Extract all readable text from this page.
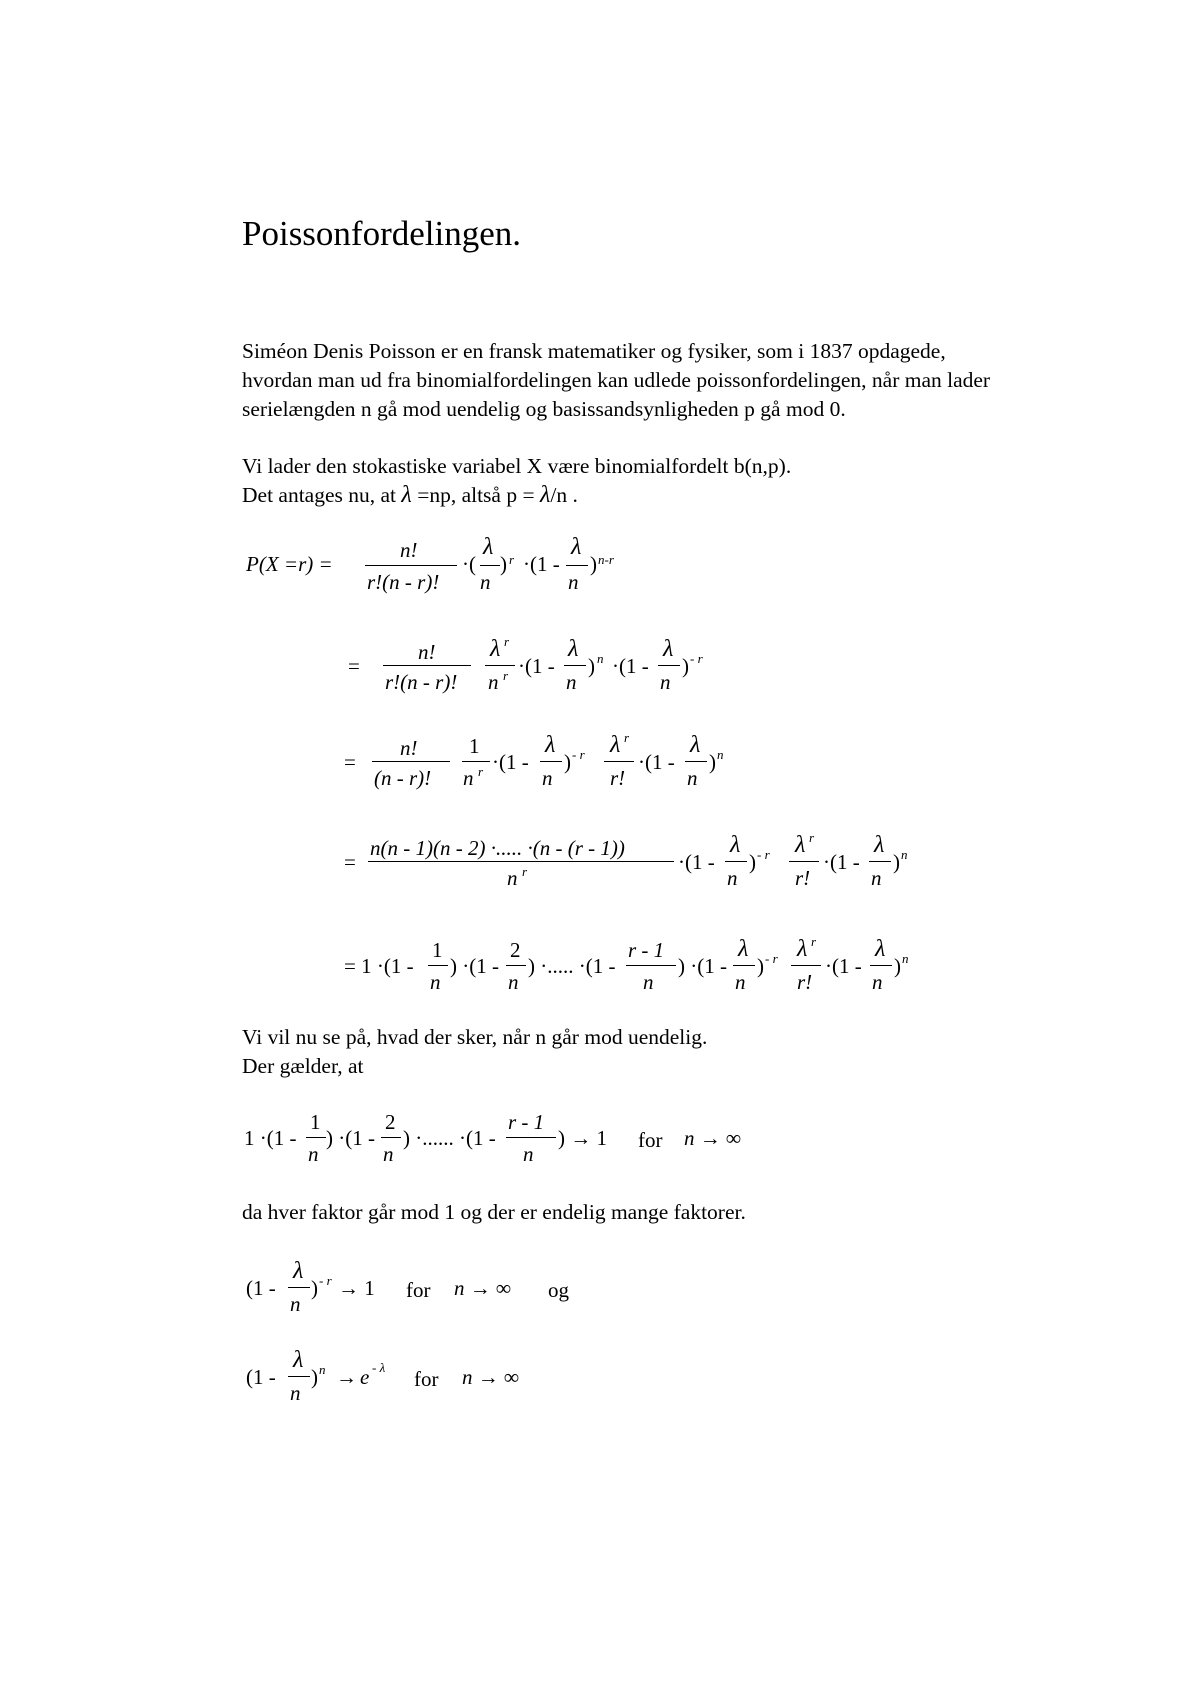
Poissonfordelingen.
Siméon Denis Poisson er en fransk matematiker og fysiker, som i 1837 opdagede,
hvordan man ud fra binomialfordelingen kan udlede poissonfordelingen, når man lader
serielængden n gå mod uendelig og basissandsynligheden p gå mod 0.
Vi lader den stokastiske variabel X være binomialfordelt b(n,p).
Det antages nu, at λ =np, altså p = λ/n .
P(X =r) =
n!
r!(n - r)!
·(
λ
n
) r ·(1 -
λ
n
) n-r
=
n!
r!(n - r)!
λ r
n r ·(1 -
λ
n
) n ·(1 -
λ
n
) - r
=
n!
(n - r)!
1
n r ·(1 -
λ
n
) - r λ r
r!
·(1 -
λ
n
) n
=
n(n - 1)(n - 2) ·..... ·(n - (r - 1))
n r	·(1 -
λ
n
) - r λ r
r!
·(1 -
λ
n
) n
= 1 ·(1 -
1
n
) ·(1 -
2
n
) ·..... ·(1 -
r - 1
n
) ·(1 -
λ
n
) - r λ r
r!
·(1 -
λ
n
) n
Vi vil nu se på, hvad der sker, når n går mod uendelig.
Der gælder, at
1 ·(1 -
1
n
) ·(1 -
2
n
) ·...... ·(1 -
r - 1
n
) → 1 for n → ∞
da hver faktor går mod 1 og der er endelig mange faktorer.
(1 -
λ
n
) - r → 1 for n → ∞ og
(1 -
λ
n
) n → e - λ for n → ∞
